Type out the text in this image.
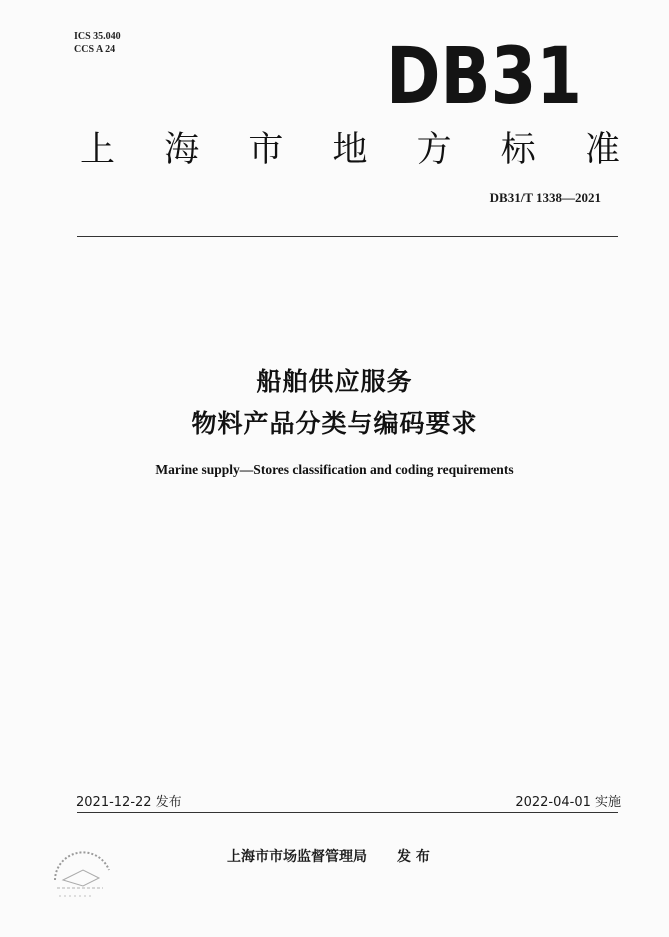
ICS 35.040
CCS A 24	DB31
上 海 市 地 方 标 准
DB31/T 1338—2021
船舶供应服务
物料产品分类与编码要求
Marine supply—Stores classification and coding requirements
2021-12-22 发布	2022-04-01 实施
上海市市场监督管理局 发 布
